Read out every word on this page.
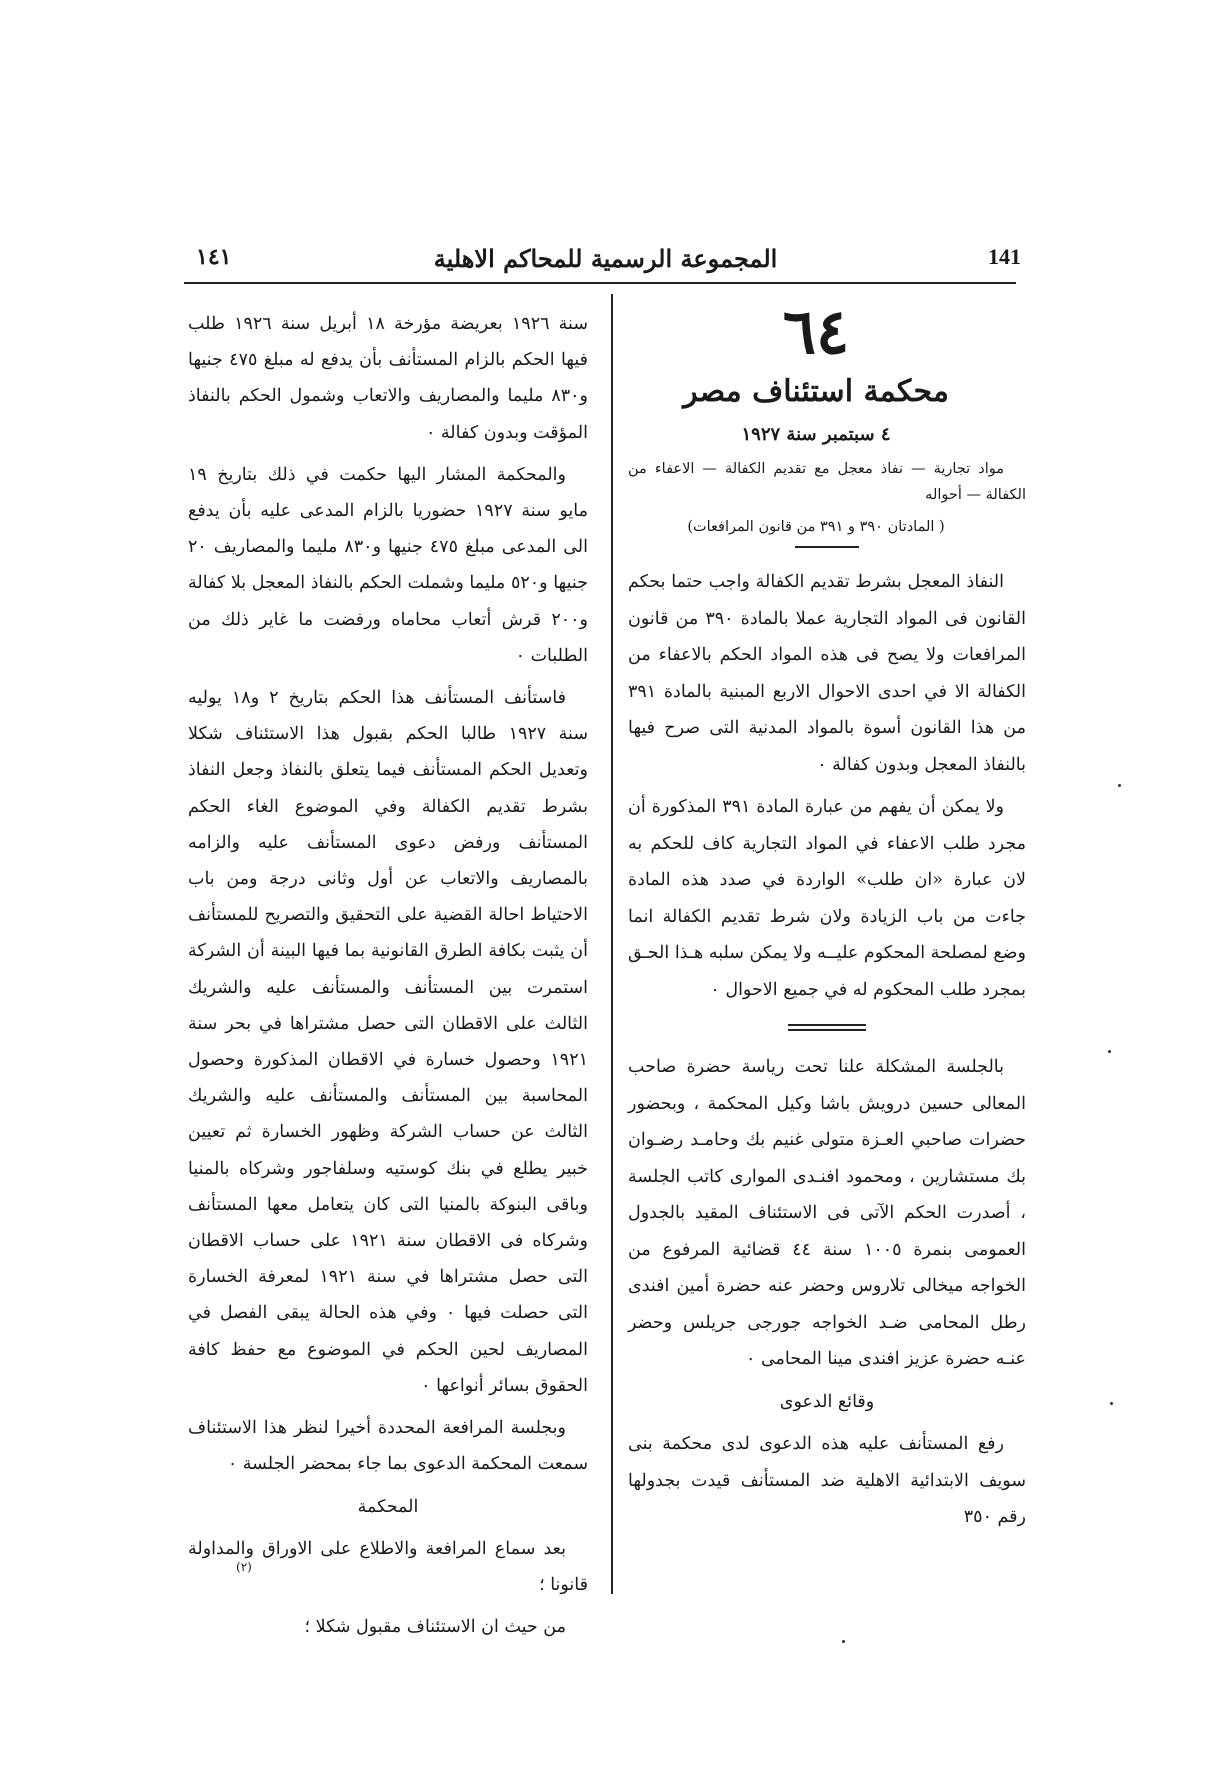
141
المجموعة الرسمية للمحاكم الاهلية
١٤١

٦٤

محكمة استئناف مصر

٤ سبتمبر سنة ١٩٢٧

مواد تجارية — نفاذ معجل مع تقديم الكفالة — الاعفاء من الكفالة — أحواله

( المادتان ٣٩٠ و ٣٩١ من قانون المرافعات)

النفاذ المعجل بشرط تقديم الكفالة واجب حتما بحكم القانون فى المواد التجارية عملا بالمادة ٣٩٠ من قانون المرافعات ولا يصح فى هذه المواد الحكم بالاعفاء من الكفالة الا في احدى الاحوال الاربع المبنية بالمادة ٣٩١ من هذا القانون أسوة بالمواد المدنية التى صرح فيها بالنفاذ المعجل وبدون كفالة ٠

ولا يمكن أن يفهم من عبارة المادة ٣٩١ المذكورة أن مجرد طلب الاعفاء في المواد التجارية كاف للحكم به لان عبارة «ان طلب» الواردة في صدد هذه المادة جاءت من باب الزيادة ولان شرط تقديم الكفالة انما وضع لمصلحة المحكوم عليــه ولا يمكن سلبه هـذا الحـق بمجرد طلب المحكوم له في جميع الاحوال ٠

بالجلسة المشكلة علنا تحت رياسة حضرة صاحب المعالى حسين درويش باشا وكيل المحكمة ، وبحضور حضرات صاحبي العـزة متولى غنيم بك وحامـد رضـوان بك مستشارين ، ومحمود افنـدى الموارى كاتب الجلسة ، أصدرت الحكم الآتى فى الاستئناف المقيد بالجدول العمومى بنمرة ١٠٠٥ سنة ٤٤ قضائية المرفوع من الخواجه ميخالى تلاروس وحضر عنه حضرة أمين افندى رطل المحامى ضـد الخواجه جورجى جريلس وحضر عنـه حضرة عزيز افندى مينا المحامى ٠

وقائع الدعوى

رفع المستأنف عليه هذه الدعوى لدى محكمة بنى سويف الابتدائية الاهلية ضد المستأنف قيدت بجدولها رقم ٣٥٠

سنة ١٩٢٦ بعريضة مؤرخة ١٨ أبريل سنة ١٩٢٦ طلب فيها الحكم بالزام المستأنف بأن يدفع له مبلغ ٤٧٥ جنيها و٨٣٠ مليما والمصاريف والاتعاب وشمول الحكم بالنفاذ المؤقت وبدون كفالة ٠

والمحكمة المشار اليها حكمت في ذلك بتاريخ ١٩ مايو سنة ١٩٢٧ حضوريا بالزام المدعى عليه بأن يدفع الى المدعى مبلغ ٤٧٥ جنيها و٨٣٠ مليما والمصاريف ٢٠ جنيها و٥٢٠ مليما وشملت الحكم بالنفاذ المعجل بلا كفالة و٢٠٠ قرش أتعاب محاماه ورفضت ما غاير ذلك من الطلبات ٠

فاستأنف المستأنف هذا الحكم بتاريخ ٢ و١٨ يوليه سنة ١٩٢٧ طالبا الحكم بقبول هذا الاستئناف شكلا وتعديل الحكم المستأنف فيما يتعلق بالنفاذ وجعل النفاذ بشرط تقديم الكفالة وفي الموضوع الغاء الحكم المستأنف ورفض دعوى المستأنف عليه والزامه بالمصاريف والاتعاب عن أول وثانى درجة ومن باب الاحتياط احالة القضية على التحقيق والتصريح للمستأنف أن يثبت بكافة الطرق القانونية بما فيها البينة أن الشركة استمرت بين المستأنف والمستأنف عليه والشريك الثالث على الاقطان التى حصل مشتراها في بحر سنة ١٩٢١ وحصول خسارة في الاقطان المذكورة وحصول المحاسبة بين المستأنف والمستأنف عليه والشريك الثالث عن حساب الشركة وظهور الخسارة ثم تعيين خبير يطلع في بنك كوستيه وسلفاجور وشركاه بالمنيا وباقى البنوكة بالمنيا التى كان يتعامل معها المستأنف وشركاه فى الاقطان سنة ١٩٢١ على حساب الاقطان التى حصل مشتراها في سنة ١٩٢١ لمعرفة الخسارة التى حصلت فيها ٠ وفي هذه الحالة يبقى الفصل في المصاريف لحين الحكم في الموضوع مع حفظ كافة الحقوق بسائر أنواعها ٠

وبجلسة المرافعة المحددة أخيرا لنظر هذا الاستئناف سمعت المحكمة الدعوى بما جاء بمحضر الجلسة ٠

المحكمة

بعد سماع المرافعة والاطلاع على الاوراق والمداولة قانونا ؛

من حيث ان الاستئناف مقبول شكلا ؛

(٢)
